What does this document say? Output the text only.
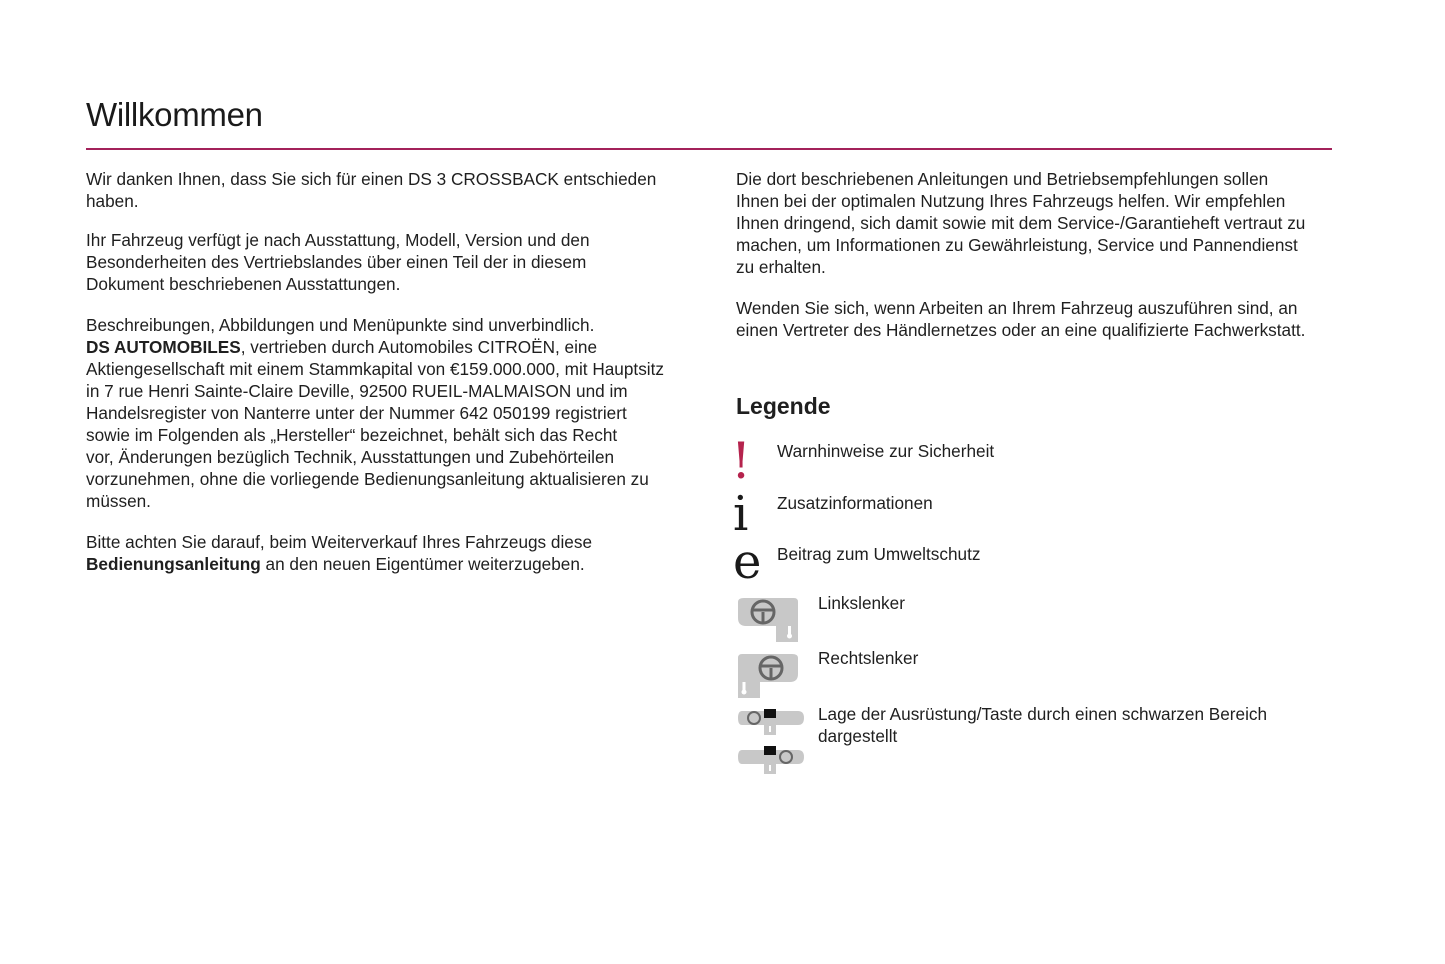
Willkommen

Wir danken Ihnen, dass Sie sich für einen DS 3 CROSSBACK entschieden
haben.

Ihr Fahrzeug verfügt je nach Ausstattung, Modell, Version und den
Besonderheiten des Vertriebslandes über einen Teil der in diesem
Dokument beschriebenen Ausstattungen.

Beschreibungen, Abbildungen und Menüpunkte sind unverbindlich.
DS AUTOMOBILES, vertrieben durch Automobiles CITROËN, eine
Aktiengesellschaft mit einem Stammkapital von €159.000.000, mit Hauptsitz
in 7 rue Henri Sainte-Claire Deville, 92500 RUEIL-MALMAISON und im
Handelsregister von Nanterre unter der Nummer 642 050199 registriert
sowie im Folgenden als „Hersteller“ bezeichnet, behält sich das Recht
vor, Änderungen bezüglich Technik, Ausstattungen und Zubehörteilen
vorzunehmen, ohne die vorliegende Bedienungsanleitung aktualisieren zu
müssen.

Bitte achten Sie darauf, beim Weiterverkauf Ihres Fahrzeugs diese
Bedienungsanleitung an den neuen Eigentümer weiterzugeben.

Die dort beschriebenen Anleitungen und Betriebsempfehlungen sollen
Ihnen bei der optimalen Nutzung Ihres Fahrzeugs helfen. Wir empfehlen
Ihnen dringend, sich damit sowie mit dem Service-/Garantieheft vertraut zu
machen, um Informationen zu Gewährleistung, Service und Pannendienst
zu erhalten.

Wenden Sie sich, wenn Arbeiten an Ihrem Fahrzeug auszuführen sind, an
einen Vertreter des Händlernetzes oder an eine qualifizierte Fachwerkstatt.

Legende
! Warnhinweise zur Sicherheit
i Zusatzinformationen
e Beitrag zum Umweltschutz
Linkslenker
Rechtslenker
Lage der Ausrüstung/Taste durch einen schwarzen Bereich
dargestellt
